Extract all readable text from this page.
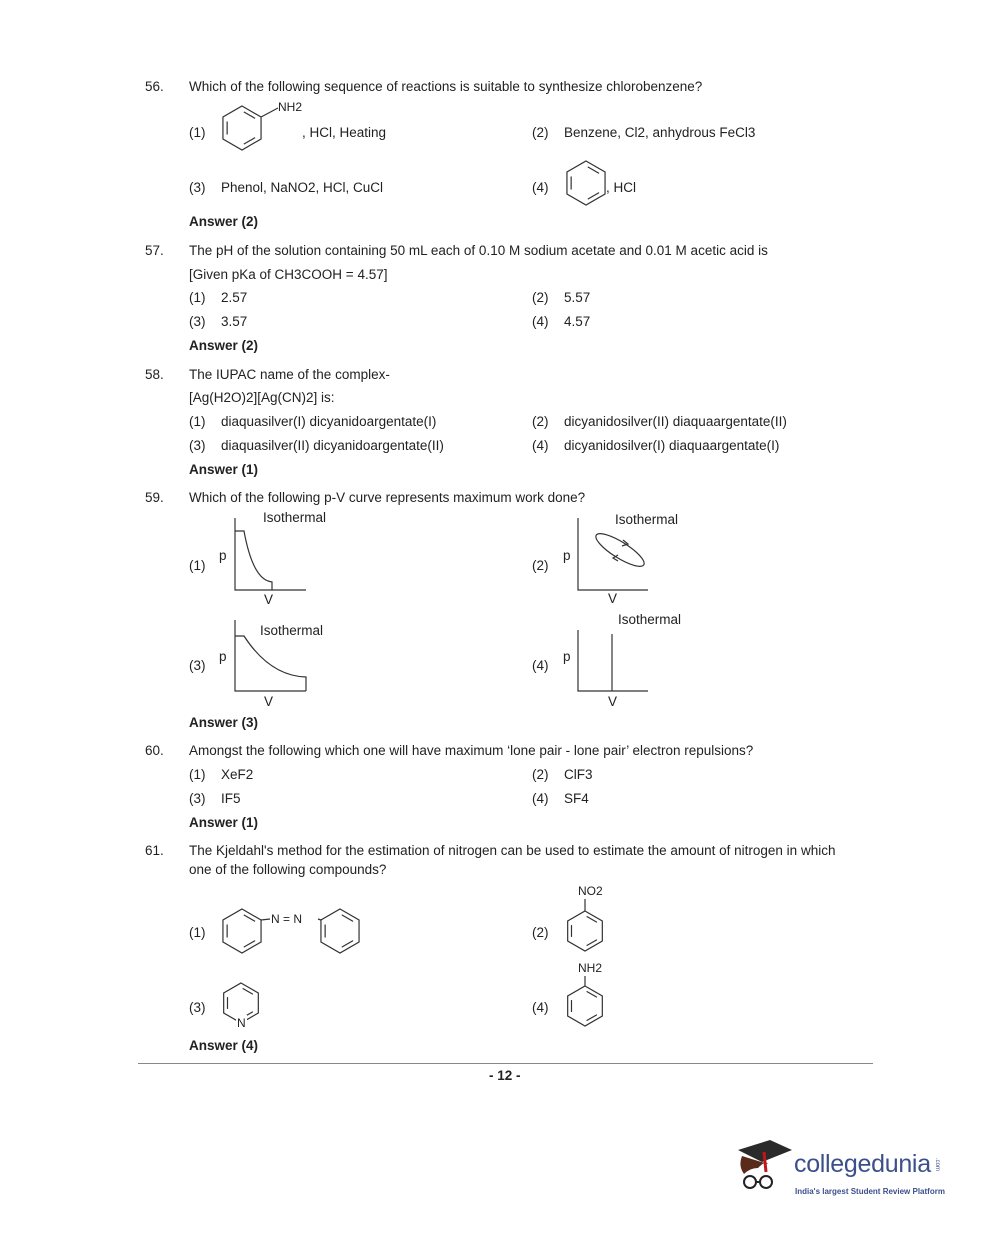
56. Which of the following sequence of reactions is suitable to synthesize chlorobenzene?
(1)
NH2
, HCl, Heating	(2) Benzene, Cl2, anhydrous FeCl3
(3) Phenol, NaNO2, HCl, CuCl	(4)	, HCl
Answer (2)
57. The pH of the solution containing 50 mL each of 0.10 M sodium acetate and 0.01 M acetic acid is
[Given pKa of CH3COOH = 4.57]
(1) 2.57	(2) 5.57
(3) 3.57	(4) 4.57
Answer (2)
58. The IUPAC name of the complex-
[Ag(H2O)2][Ag(CN)2] is:
(1) diaquasilver(I) dicyanidoargentate(I)	(2) dicyanidosilver(II) diaquaargentate(II)
(3) diaquasilver(II) dicyanidoargentate(II)	(4) dicyanidosilver(I) diaquaargentate(I)
Answer (1)
59. Which of the following p-V curve represents maximum work done?
(1)
Isothermal
p
V
(2)
Isothermal
p
V
(3)
Isothermal
p
V
(4)
Isothermal
p
V
Answer (3)
60. Amongst the following which one will have maximum ‘lone pair - lone pair’ electron repulsions?
(1) XeF2	(2) ClF3
(3) IF5	(4) SF4
Answer (1)
61. The Kjeldahl's method for the estimation of nitrogen can be used to estimate the amount of nitrogen in which
one of the following compounds?
(1)
N = N
(2)
NO2
(3)
N
(4)
NH2
Answer (4)
- 12 -
collegedunia .com
India's largest Student Review Platform
